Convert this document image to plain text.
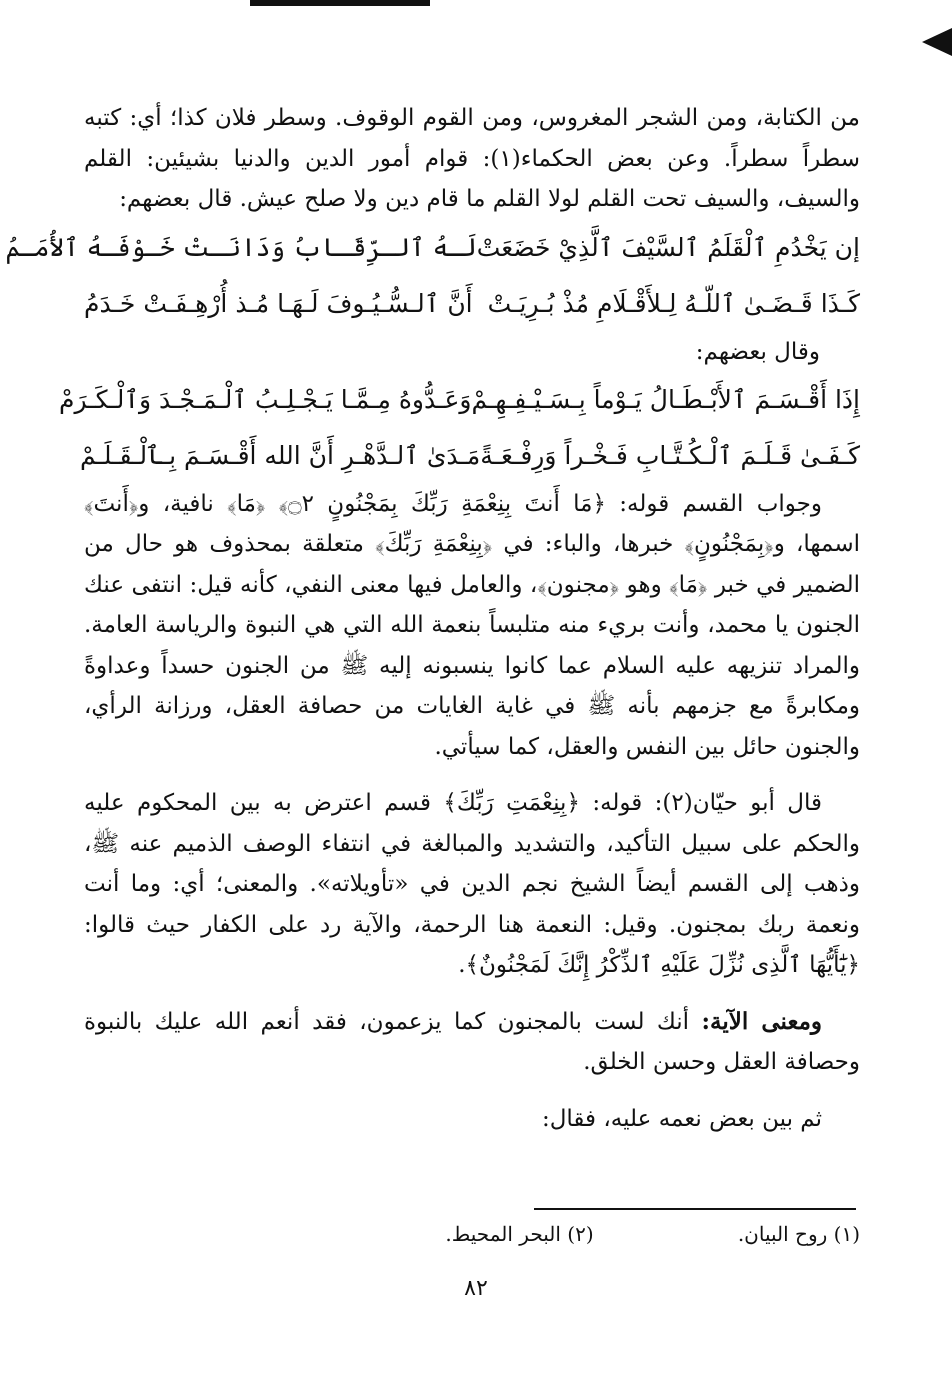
من الكتابة، ومن الشجر المغروس، ومن القوم الوقوف. وسطر فلان كذا؛ أي: كتبه سطراً سطراً. وعن بعض الحكماء(١): قوام أمور الدين والدنيا بشيئين: القلم والسيف، والسيف تحت القلم لولا القلم ما قام دين ولا صلح عيش. قال بعضهم:

إن يَخْدُمِ ٱلْقَلَمُ ٱلسَّيْفَ ٱلَّذِيْ خَضَعَتْ
لَـهُ ٱلـرِّقَـابُ وَدَانَـتْ خَـوْفَـهُ ٱلأُمَـمُ
كَـذَا قَـضَـىٰ ٱللّـهُ لِـلأَقْـلَامِ مُذْ بُـرِيَـتْ
أَنَّ ٱلـسُّـيُـوفَ لَـهَـا مُـذ أُرْهِـفَـتْ خَـدَمُ
وقال بعضهم:
إِذَا أَقْـسَـمَ ٱلأَبْـطَـالُ يَـوْماً بِـسَـيْـفِـهِـمْ
وَعَـدُّوهُ مِـمَّـا يَـجْـلِـبُ ٱلْـمَـجْـدَ وَٱلْـكَـرَمْ
كَـفَـىٰ قَـلَـمَ ٱلْـكُـتَّـابِ فَـخْـراً وَرِفْـعَـةً
مَـدَىٰ ٱلـدَّهْـرِ أَنَّ الله أَقْـسَـمَ بِـٱلْـقَـلَـمْ

وجواب القسم قوله: ﴿مَا أَنتَ بِنِعْمَةِ رَبِّكَ بِمَجْنُونٍ ۝٢﴾ ﴿مَا﴾ نافية، و﴿أَنتَ﴾ اسمها، و﴿بِمَجْنُونٍ﴾ خبرها، والباء: في ﴿بِنِعْمَةِ رَبِّكَ﴾ متعلقة بمحذوف هو حال من الضمير في خبر ﴿مَا﴾ وهو ﴿مجنون﴾، والعامل فيها معنى النفي، كأنه قيل: انتفى عنك الجنون يا محمد، وأنت بريء منه متلبساً بنعمة الله التي هي النبوة والرياسة العامة. والمراد تنزيهه عليه السلام عما كانوا ينسبونه إليه ﷺ من الجنون حسداً وعداوةً ومكابرةً مع جزمهم بأنه ﷺ في غاية الغايات من حصافة العقل، ورزانة الرأي، والجنون حائل بين النفس والعقل، كما سيأتي.

قال أبو حيّان(٢): قوله: ﴿بِنِعْمَتِ رَبِّكَ﴾ قسم اعترض به بين المحكوم عليه والحكم على سبيل التأكيد، والتشديد والمبالغة في انتفاء الوصف الذميم عنه ﷺ، وذهب إلى القسم أيضاً الشيخ نجم الدين في «تأويلاته». والمعنى؛ أي: وما أنت ونعمة ربك بمجنون. وقيل: النعمة هنا الرحمة، والآية رد على الكفار حيث قالوا: ﴿يَٰٓأَيُّهَا ٱلَّذِى نُزِّلَ عَلَيْهِ ٱلذِّكْرُ إِنَّكَ لَمَجْنُونٌ﴾.

ومعنى الآية: أنك لست بالمجنون كما يزعمون، فقد أنعم الله عليك بالنبوة وحصافة العقل وحسن الخلق.

ثم بين بعض نعمه عليه، فقال:

(١) روح البيان. (٢) البحر المحيط.
٨٢
